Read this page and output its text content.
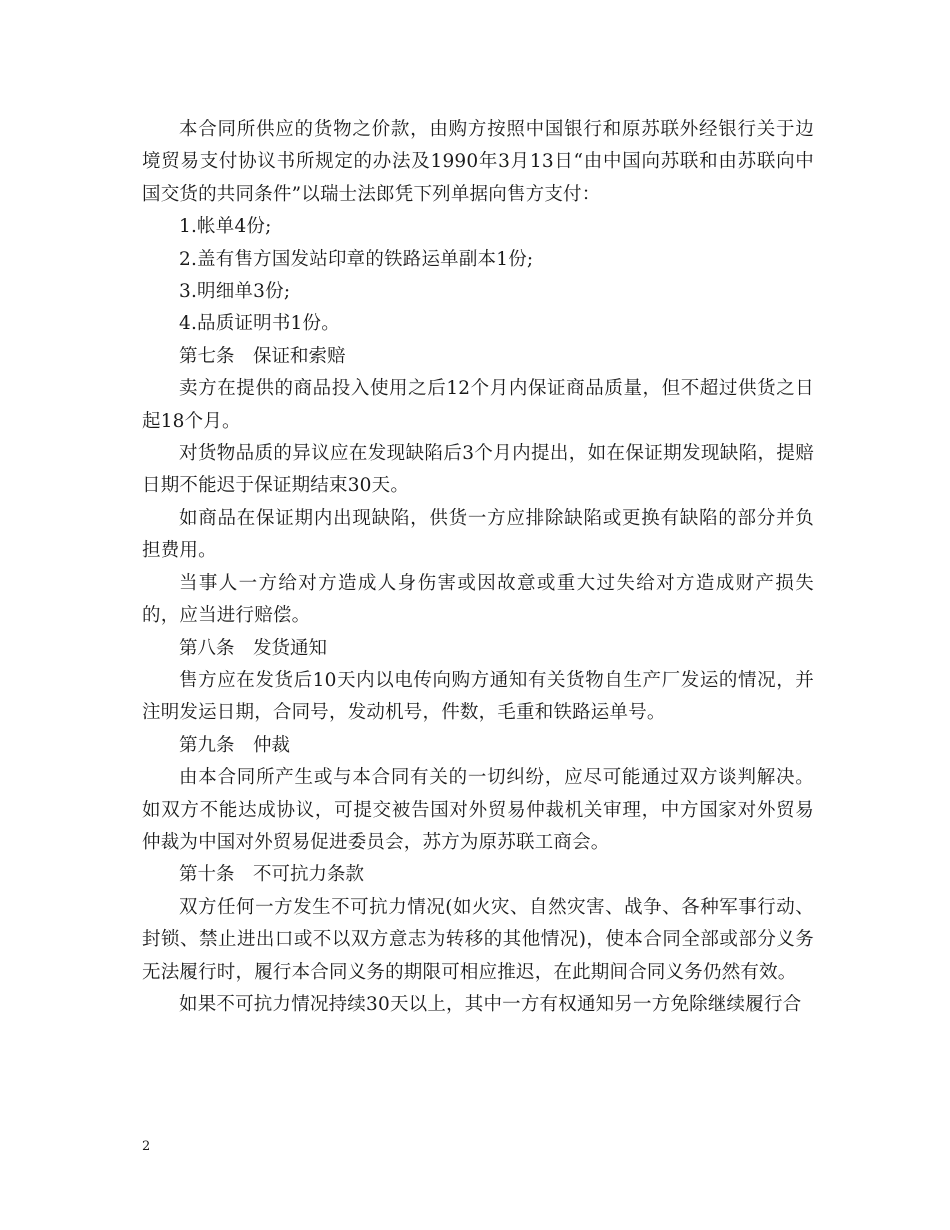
本合同所供应的货物之价款，由购方按照中国银行和原苏联外经银行关于边境贸易支付协议书所规定的办法及1990年3月13日“由中国向苏联和由苏联向中国交货的共同条件”以瑞士法郎凭下列单据向售方支付：

1.帐单4份;

2.盖有售方国发站印章的铁路运单副本1份;

3.明细单3份;

4.品质证明书1份。

第七条　保证和索赔

卖方在提供的商品投入使用之后12个月内保证商品质量，但不超过供货之日起18个月。

对货物品质的异议应在发现缺陷后3个月内提出，如在保证期发现缺陷，提赔日期不能迟于保证期结束30天。

如商品在保证期内出现缺陷，供货一方应排除缺陷或更换有缺陷的部分并负担费用。

当事人一方给对方造成人身伤害或因故意或重大过失给对方造成财产损失的，应当进行赔偿。

第八条　发货通知

售方应在发货后10天内以电传向购方通知有关货物自生产厂发运的情况，并注明发运日期，合同号，发动机号，件数，毛重和铁路运单号。

第九条　仲裁

由本合同所产生或与本合同有关的一切纠纷，应尽可能通过双方谈判解决。如双方不能达成协议，可提交被告国对外贸易仲裁机关审理，中方国家对外贸易仲裁为中国对外贸易促进委员会，苏方为原苏联工商会。

第十条　不可抗力条款

双方任何一方发生不可抗力情况(如火灾、自然灾害、战争、各种军事行动、封锁、禁止进出口或不以双方意志为转移的其他情况)，使本合同全部或部分义务无法履行时，履行本合同义务的期限可相应推迟，在此期间合同义务仍然有效。

如果不可抗力情况持续30天以上，其中一方有权通知另一方免除继续履行合

2
